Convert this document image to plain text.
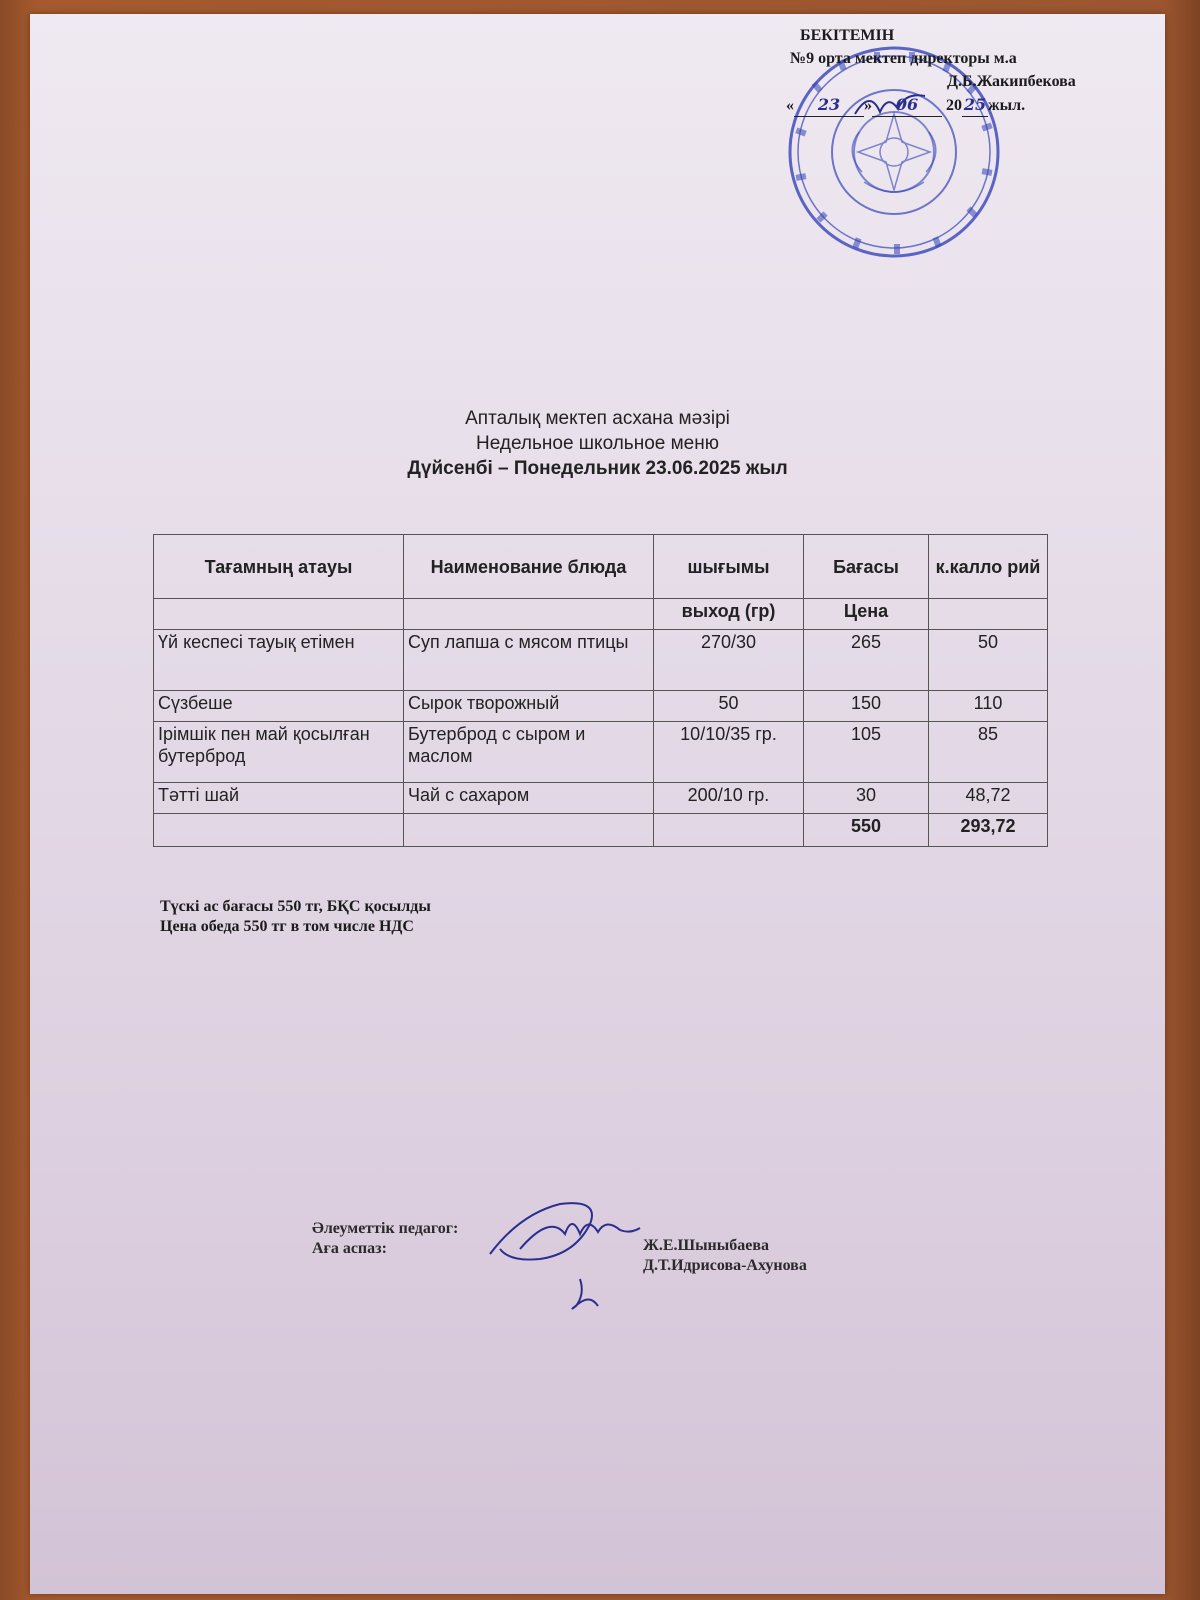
БЕКІТЕМІН
№9 орта мектеп директоры м.а
Д.Б.Жакипбекова
« 23 » 06 20 25 жыл.
Апталық мектеп асхана мәзірі
Недельное школьное меню
Дүйсенбі – Понедельник 23.06.2025 жыл
Тағамның атауы	Наименование блюда	шығымы	Бағасы	к.калло рий
		выход (гр)	Цена	
Үй кеспесі тауық етімен	Суп лапша с мясом птицы	270/30	265	50
Сүзбеше	Сырок творожный	50	150	110
Ірімшік пен май қосылған бутерброд	Бутерброд с сыром и маслом	10/10/35 гр.	105	85
Тәтті шай	Чай с сахаром	200/10 гр.	30	48,72
			550	293,72
Түскі ас бағасы 550 тг, БҚС қосылды
Цена обеда 550 тг в том числе НДС
Әлеуметтік педагог:
Аға аспаз:	Ж.Е.Шыныбаева
Д.Т.Идрисова-Ахунова
